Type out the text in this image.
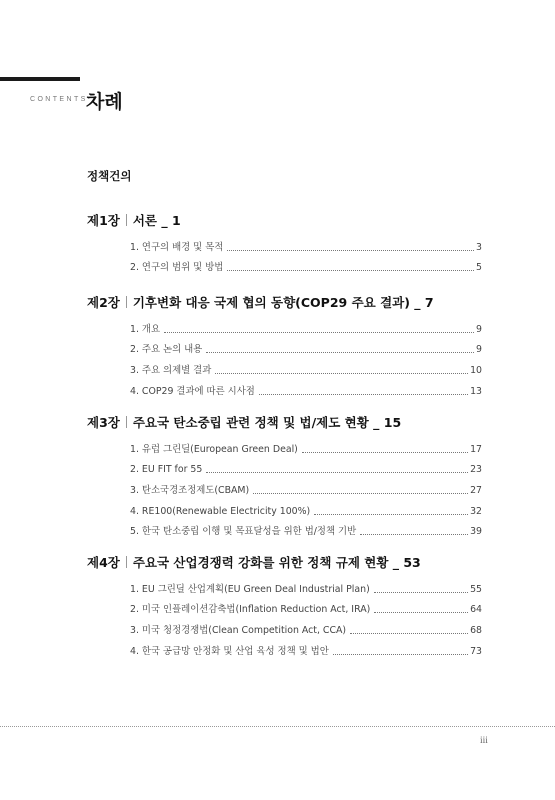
CONTENTS
차례
정책건의
제1장 서론 _ 1
1. 연구의 배경 및 목적	3
2. 연구의 범위 및 방법	5
제2장 기후변화 대응 국제 협의 동향(COP29 주요 결과) _ 7
1. 개요	9
2. 주요 논의 내용	9
3. 주요 의제별 결과	10
4. COP29 결과에 따른 시사점	13
제3장 주요국 탄소중립 관련 정책 및 법/제도 현황 _ 15
1. 유럽 그린딜(European Green Deal)	17
2. EU FIT for 55	23
3. 탄소국경조정제도(CBAM)	27
4. RE100(Renewable Electricity 100%)	32
5. 한국 탄소중립 이행 및 목표달성을 위한 법/정책 기반	39
제4장 주요국 산업경쟁력 강화를 위한 정책 규제 현황 _ 53
1. EU 그린딜 산업계획(EU Green Deal Industrial Plan)	55
2. 미국 인플레이션감축법(Inflation Reduction Act, IRA)	64
3. 미국 청정경쟁법(Clean Competition Act, CCA)	68
4. 한국 공급망 안정화 및 산업 육성 정책 및 법안	73
iii
